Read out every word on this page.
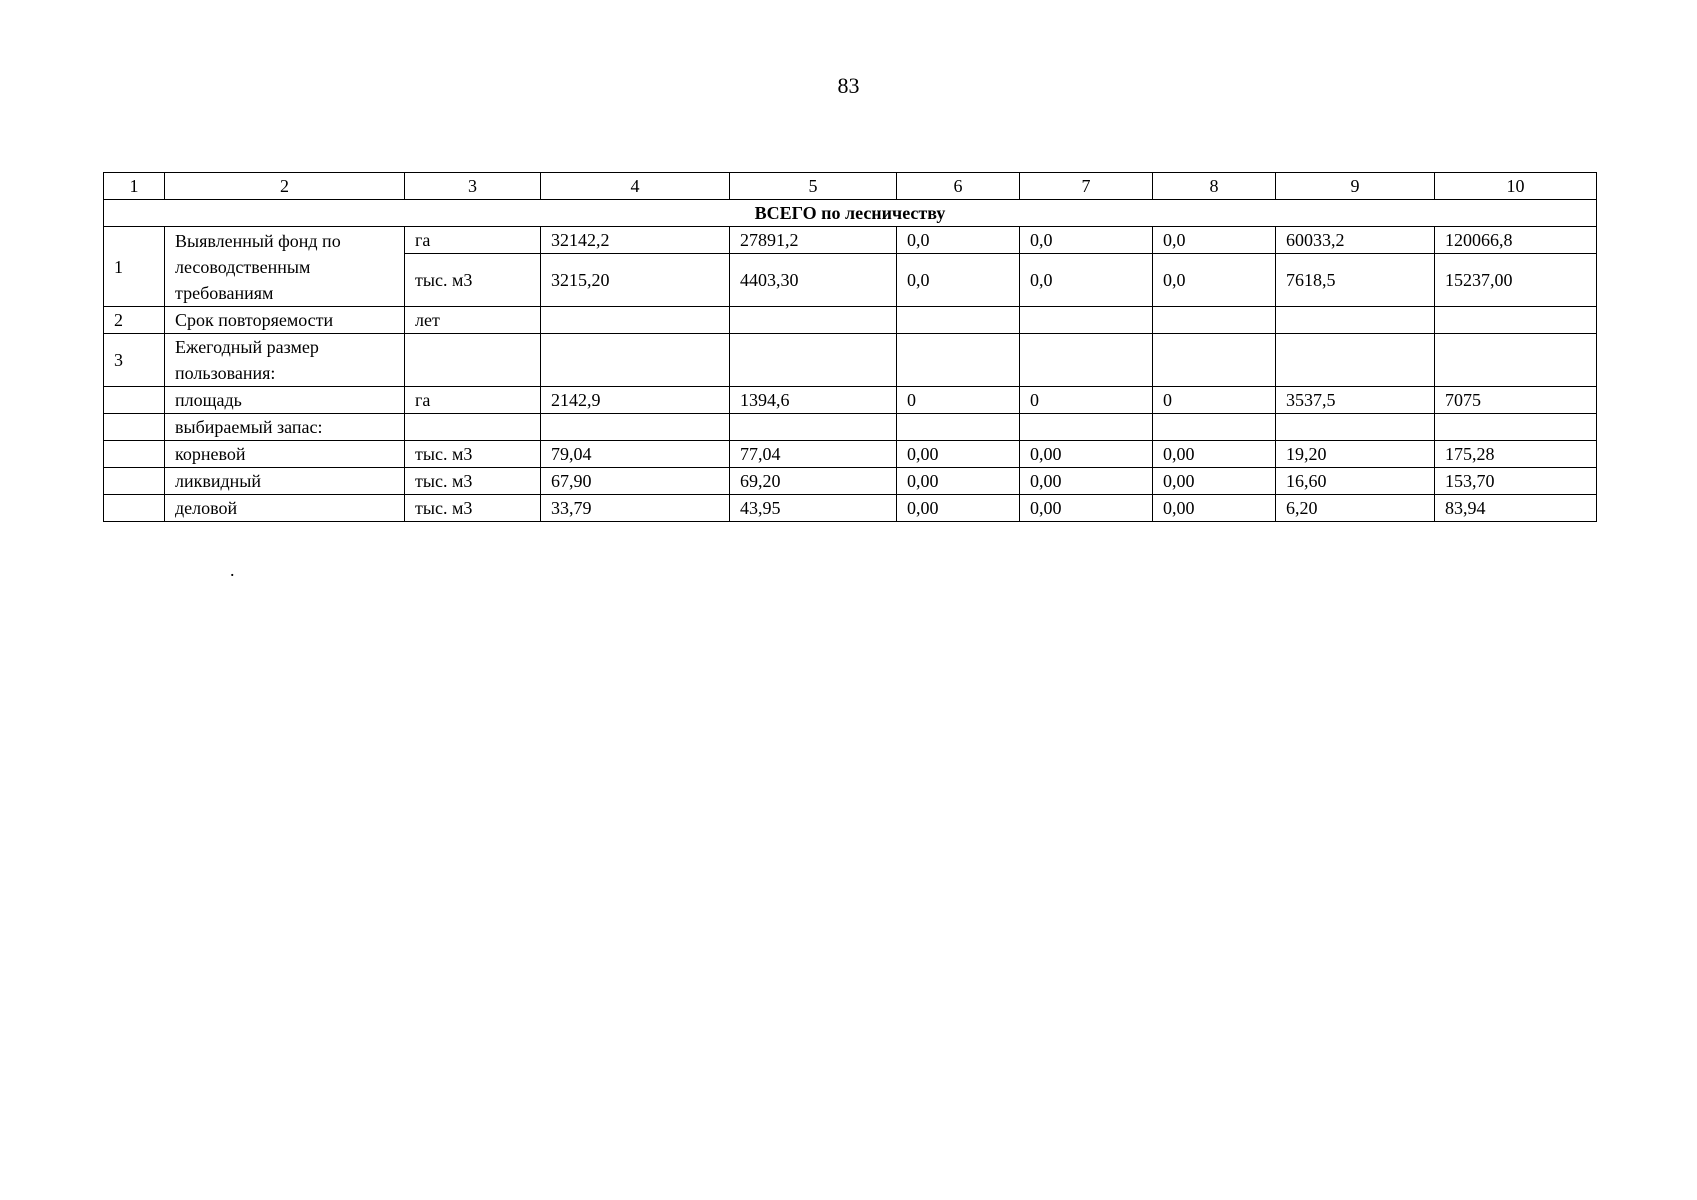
83
1	2	3	4	5	6	7	8	9	10
ВСЕГО по лесничеству									
1	Выявленный фонд по лесоводственным требованиям	га	32142,2	27891,2	0,0	0,0	0,0	60033,2	120066,8
		тыс. м3	3215,20	4403,30	0,0	0,0	0,0	7618,5	15237,00
2	Срок повторяемости	лет							
3	Ежегодный размер пользования:								
	площадь	га	2142,9	1394,6	0	0	0	3537,5	7075
	выбираемый запас:								
	корневой	тыс. м3	79,04	77,04	0,00	0,00	0,00	19,20	175,28
	ликвидный	тыс. м3	67,90	69,20	0,00	0,00	0,00	16,60	153,70
	деловой	тыс. м3	33,79	43,95	0,00	0,00	0,00	6,20	83,94
.
